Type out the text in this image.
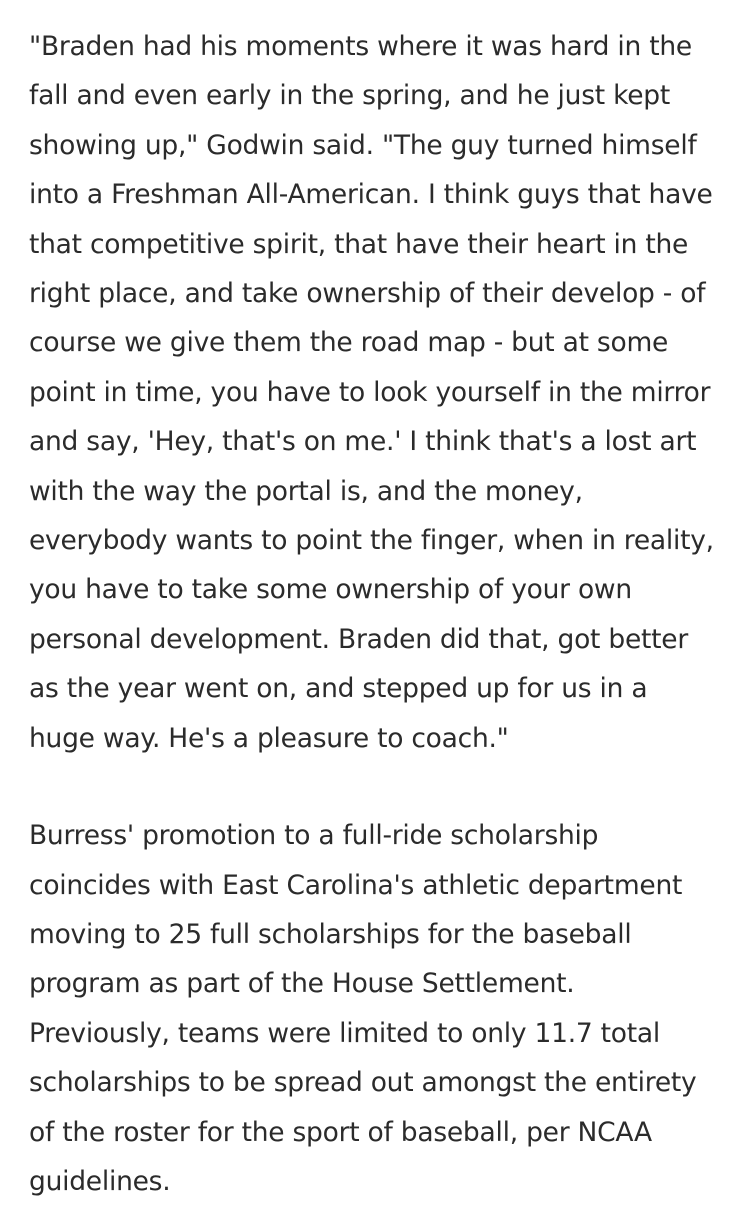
"Braden had his moments where it was hard in the
fall and even early in the spring, and he just kept
showing up," Godwin said. "The guy turned himself
into a Freshman All-American. I think guys that have
that competitive spirit, that have their heart in the
right place, and take ownership of their develop - of
course we give them the road map - but at some
point in time, you have to look yourself in the mirror
and say, 'Hey, that's on me.' I think that's a lost art
with the way the portal is, and the money,
everybody wants to point the finger, when in reality,
you have to take some ownership of your own
personal development. Braden did that, got better
as the year went on, and stepped up for us in a
huge way. He's a pleasure to coach."

Burress' promotion to a full-ride scholarship
coincides with East Carolina's athletic department
moving to 25 full scholarships for the baseball
program as part of the House Settlement.
Previously, teams were limited to only 11.7 total
scholarships to be spread out amongst the entirety
of the roster for the sport of baseball, per NCAA
guidelines.
